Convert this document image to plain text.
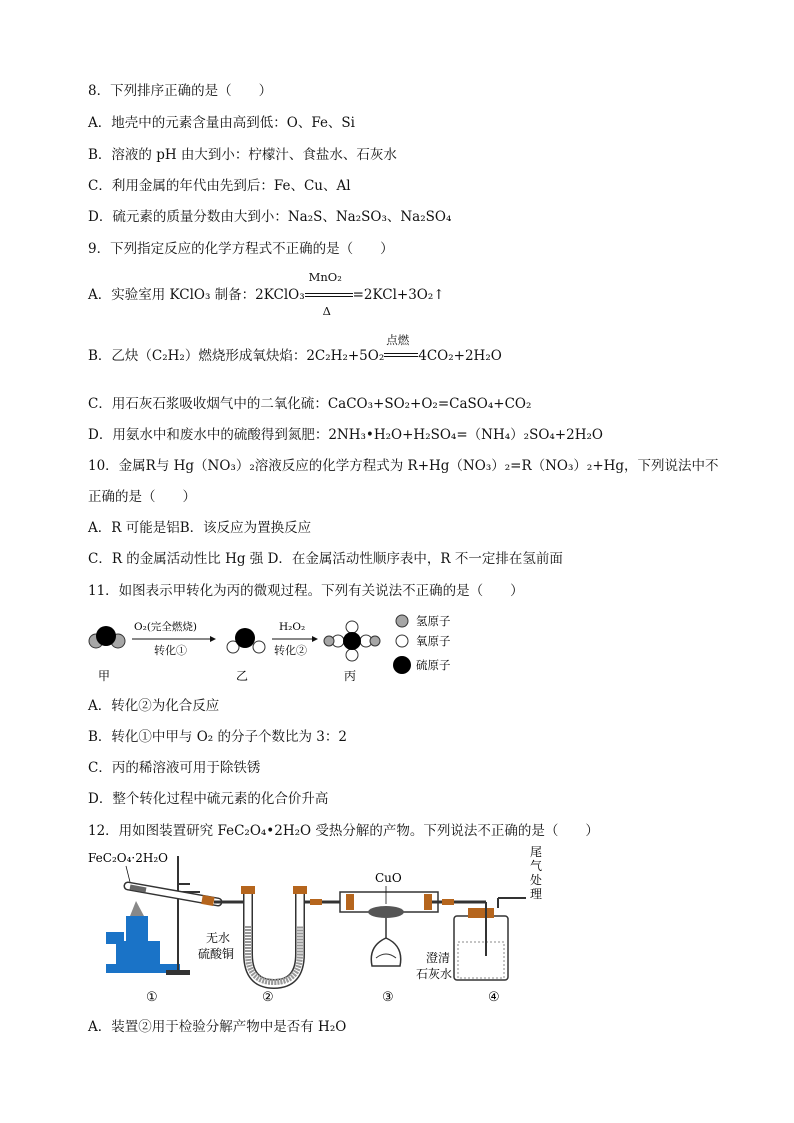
8．下列排序正确的是（　　）
A．地壳中的元素含量由高到低：O、Fe、Si
B．溶液的 pH 由大到小：柠檬汁、食盐水、石灰水
C．利用金属的年代由先到后：Fe、Cu、Al
D．硫元素的质量分数由大到小：Na₂S、Na₂SO₃、Na₂SO₄
9．下列指定反应的化学方程式不正确的是（　　）
A．实验室用 KClO₃ 制备：2KClO₃
MnO₂
Δ
=2KCl+3O₂↑
B．乙炔（C₂H₂）燃烧形成氧炔焰：2C₂H₂+5O₂
点燃
4CO₂+2H₂O
C．用石灰石浆吸收烟气中的二氧化硫：CaCO₃+SO₂+O₂=CaSO₄+CO₂
D．用氨水中和废水中的硫酸得到氮肥：2NH₃•H₂O+H₂SO₄=（NH₄）₂SO₄+2H₂O
10．金属R与 Hg（NO₃）₂溶液反应的化学方程式为 R+Hg（NO₃）₂=R（NO₃）₂+Hg，下列说法中不
正确的是（　　）
A．R 可能是铝B．该反应为置换反应
C．R 的金属活动性比 Hg 强 D．在金属活动性顺序表中，R 不一定排在氢前面
11．如图表示甲转化为丙的微观过程。下列有关说法不正确的是（　　）
甲
O₂(完全燃烧)
转化①
乙
H₂O₂
转化②
丙
氢原子
氧原子
硫原子
A．转化②为化合反应
B．转化①中甲与 O₂ 的分子个数比为 3：2
C．丙的稀溶液可用于除铁锈
D．整个转化过程中硫元素的化合价升高
12．用如图装置研究 FeC₂O₄•2H₂O 受热分解的产物。下列说法不正确的是（　　）
FeC₂O₄·2H₂O
无水
硫酸铜
CuO
澄清
石灰水
尾气处理
①	②	③	④
A．装置②用于检验分解产物中是否有 H₂O
